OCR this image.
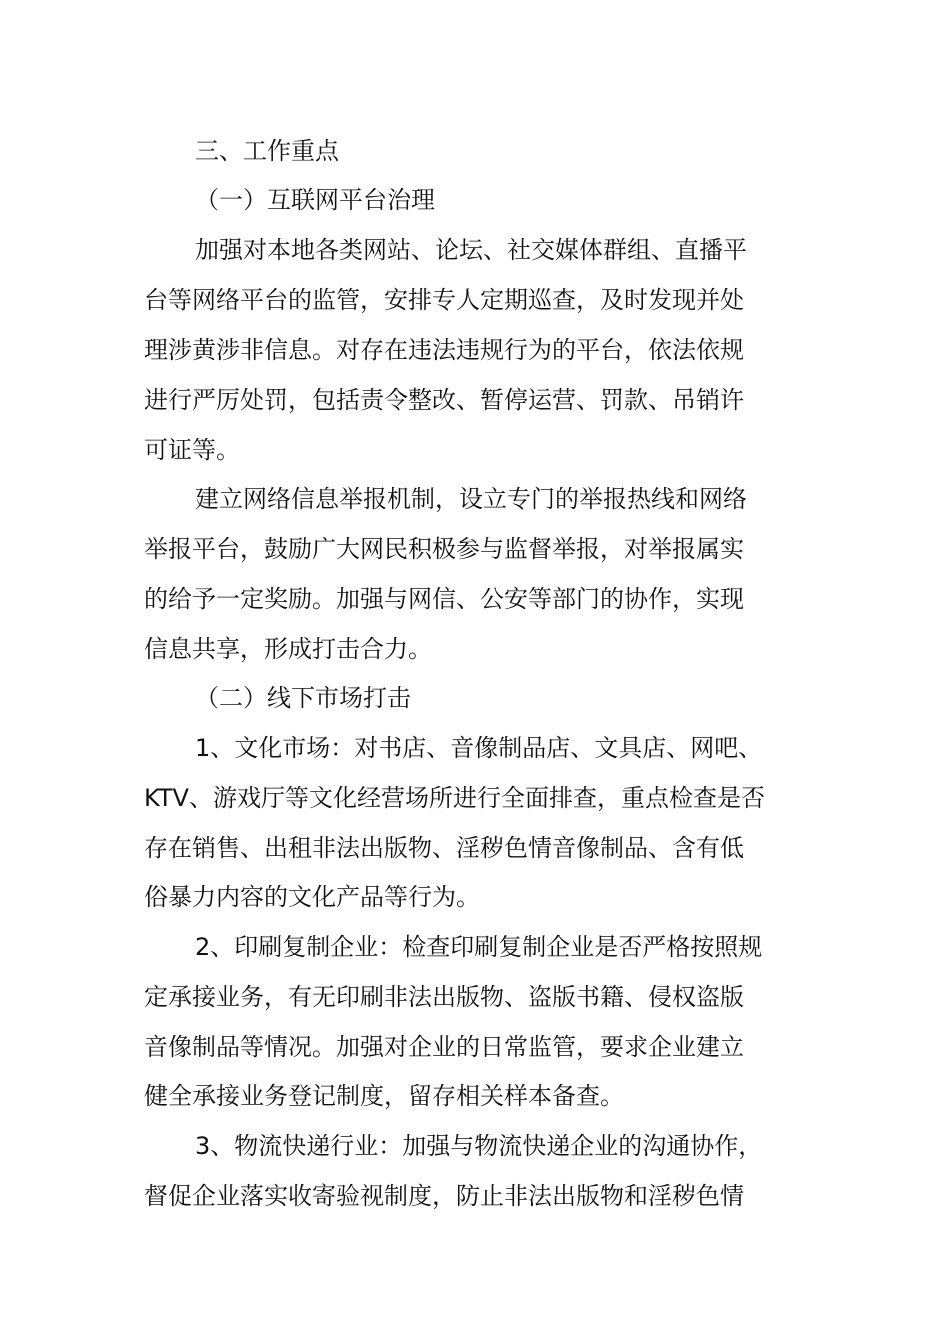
三、工作重点
（一）互联网平台治理
加强对本地各类网站、论坛、社交媒体群组、直播平
台等网络平台的监管，安排专人定期巡查，及时发现并处
理涉黄涉非信息。对存在违法违规行为的平台，依法依规
进行严厉处罚，包括责令整改、暂停运营、罚款、吊销许
可证等。
建立网络信息举报机制，设立专门的举报热线和网络
举报平台，鼓励广大网民积极参与监督举报，对举报属实
的给予一定奖励。加强与网信、公安等部门的协作，实现
信息共享，形成打击合力。
（二）线下市场打击
1、文化市场：对书店、音像制品店、文具店、网吧、
KTV、游戏厅等文化经营场所进行全面排查，重点检查是否
存在销售、出租非法出版物、淫秽色情音像制品、含有低
俗暴力内容的文化产品等行为。
2、印刷复制企业：检查印刷复制企业是否严格按照规
定承接业务，有无印刷非法出版物、盗版书籍、侵权盗版
音像制品等情况。加强对企业的日常监管，要求企业建立
健全承接业务登记制度，留存相关样本备查。
3、物流快递行业：加强与物流快递企业的沟通协作，
督促企业落实收寄验视制度，防止非法出版物和淫秽色情
